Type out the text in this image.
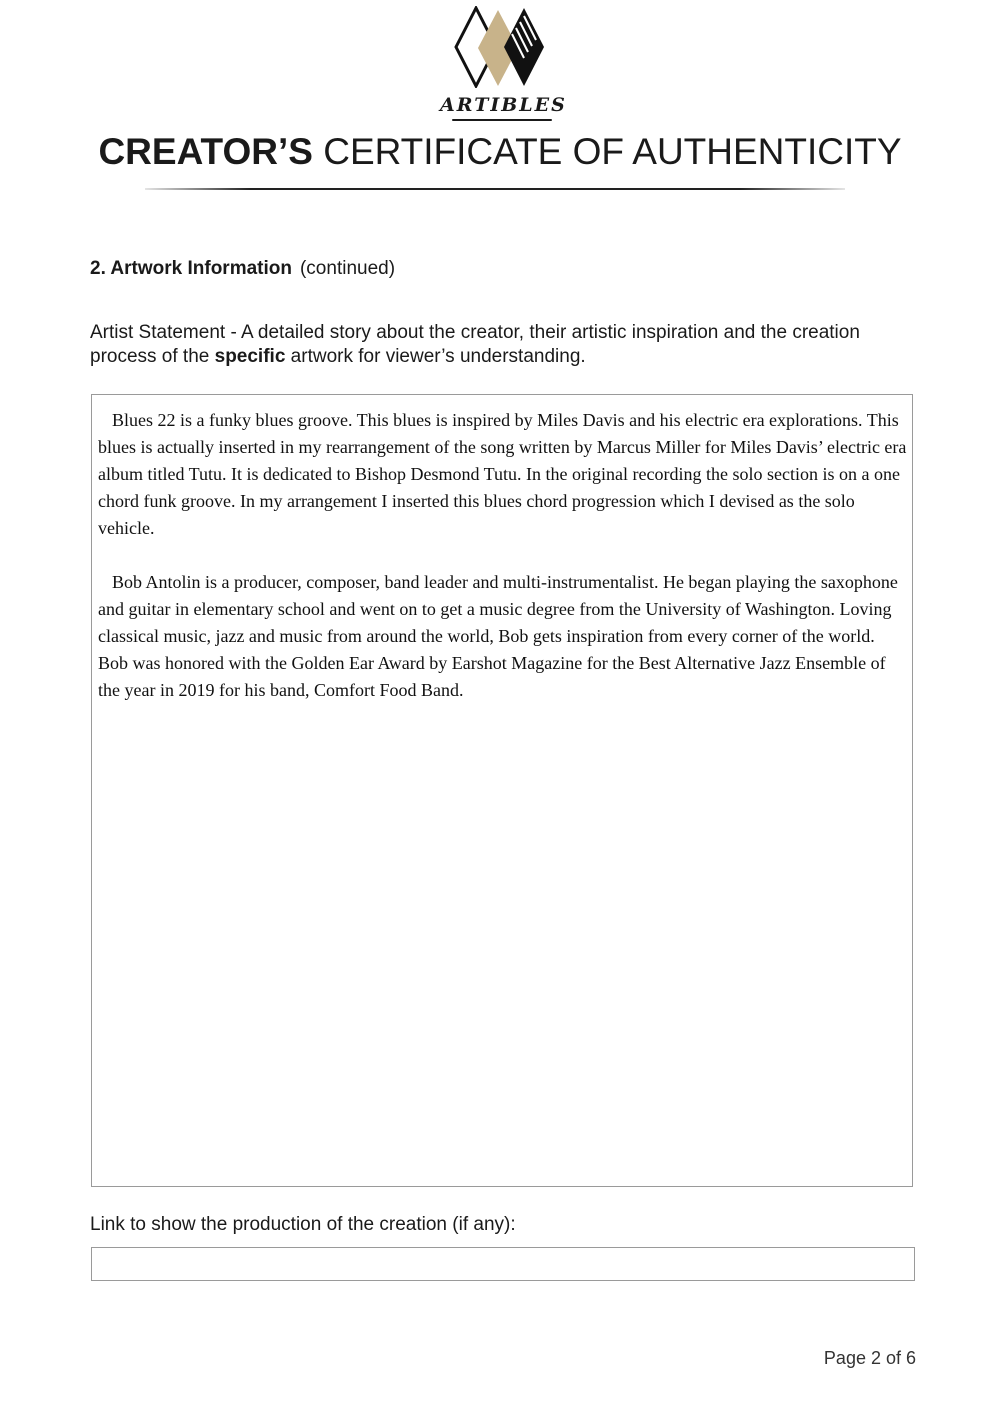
ARTIBLES
CREATOR’S CERTIFICATE OF AUTHENTICITY
2. Artwork Information (continued)
Artist Statement - A detailed story about the creator, their artistic inspiration and the creation process of the specific artwork for viewer’s understanding.

Blues 22 is a funky blues groove. This blues is inspired by Miles Davis and his electric era explorations. This blues is actually inserted in my rearrangement of the song written by Marcus Miller for Miles Davis’ electric era album titled Tutu. It is dedicated to Bishop Desmond Tutu. In the original recording the solo section is on a one chord funk groove. In my arrangement I inserted this blues chord progression which I devised as the solo vehicle.

Bob Antolin is a producer, composer, band leader and multi-instrumentalist. He began playing the saxophone and guitar in elementary school and went on to get a music degree from the University of Washington. Loving classical music, jazz and music from around the world, Bob gets inspiration from every corner of the world. Bob was honored with the Golden Ear Award by Earshot Magazine for the Best Alternative Jazz Ensemble of the year in 2019 for his band, Comfort Food Band.

Link to show the production of the creation (if any):
Page 2 of 6
